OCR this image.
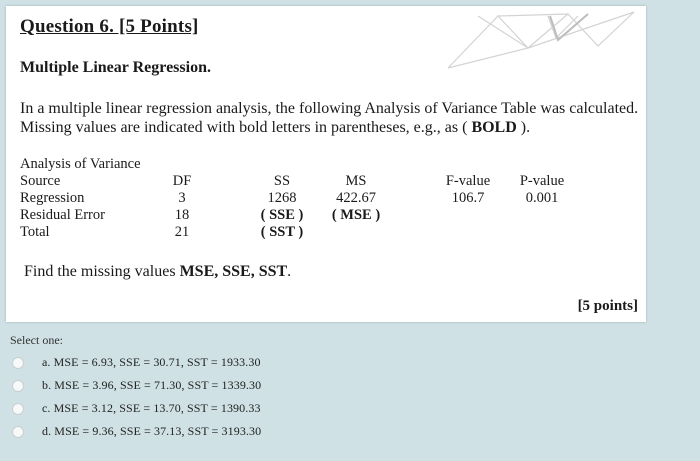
Question 6. [5 Points]
Multiple Linear Regression.
In a multiple linear regression analysis, the following Analysis of Variance Table was calculated. Missing values are indicated with bold letters in parentheses, e.g., as ( BOLD ).
Analysis of Variance
Source
Regression
Residual Error
Total
DF
3
18
21
SS
1268
( SSE )
( SST )
MS
422.67
( MSE )
F-value
106.7
P-value
0.001
Find the missing values MSE, SSE, SST.
[5 points]
Select one:
a. MSE = 6.93, SSE = 30.71, SST = 1933.30
b. MSE = 3.96, SSE = 71.30, SST = 1339.30
c. MSE = 3.12, SSE = 13.70, SST = 1390.33
d. MSE = 9.36, SSE = 37.13, SST = 3193.30
